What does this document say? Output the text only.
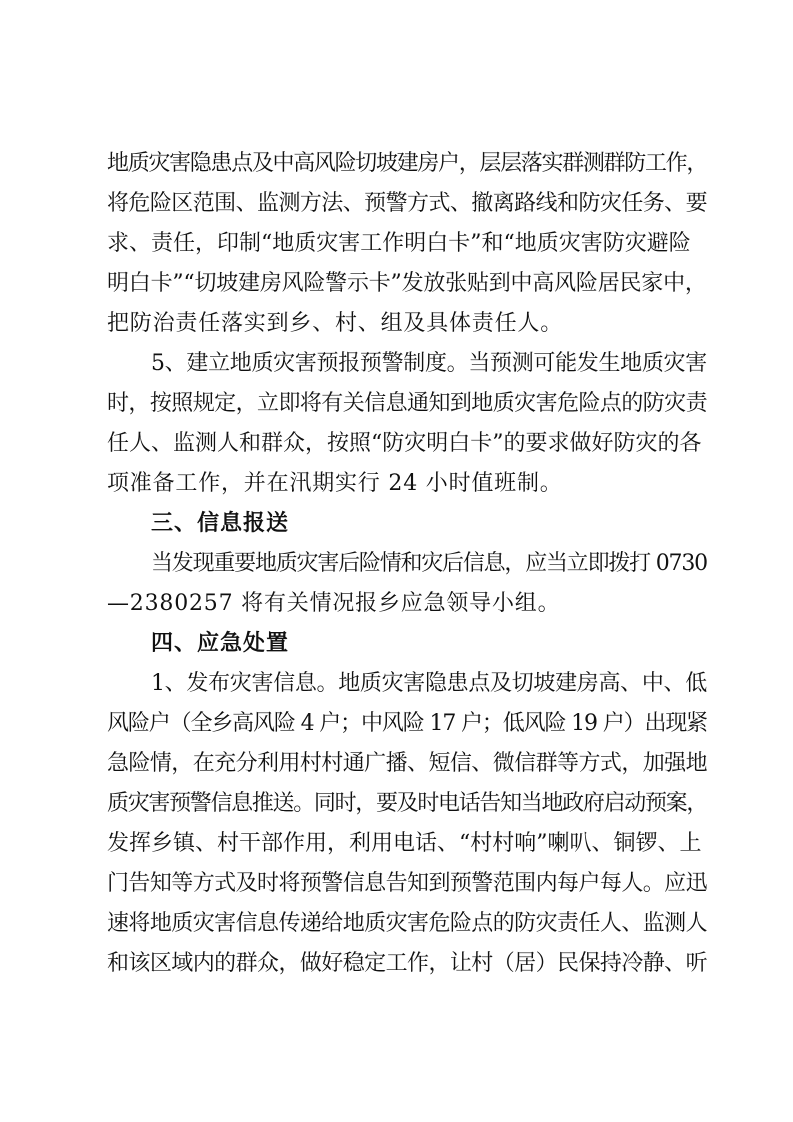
地质灾害隐患点及中高风险切坡建房户，层层落实群测群防工作，
将危险区范围、监测方法、预警方式、撤离路线和防灾任务、要
求、责任，印制“地质灾害工作明白卡”和“地质灾害防灾避险
明白卡”“切坡建房风险警示卡”发放张贴到中高风险居民家中，
把防治责任落实到乡、村、组及具体责任人。
5、建立地质灾害预报预警制度。当预测可能发生地质灾害
时，按照规定，立即将有关信息通知到地质灾害危险点的防灾责
任人、监测人和群众，按照“防灾明白卡”的要求做好防灾的各
项准备工作，并在汛期实行 24 小时值班制。
三、信息报送
当发现重要地质灾害后险情和灾后信息，应当立即拨打 0730
—2380257 将有关情况报乡应急领导小组。
四、应急处置
1、发布灾害信息。地质灾害隐患点及切坡建房高、中、低
风险户（全乡高风险 4 户；中风险 17 户；低风险 19 户）出现紧
急险情，在充分利用村村通广播、短信、微信群等方式，加强地
质灾害预警信息推送。同时，要及时电话告知当地政府启动预案，
发挥乡镇、村干部作用，利用电话、“村村响”喇叭、铜锣、上
门告知等方式及时将预警信息告知到预警范围内每户每人。应迅
速将地质灾害信息传递给地质灾害危险点的防灾责任人、监测人
和该区域内的群众，做好稳定工作，让村（居）民保持冷静、听
